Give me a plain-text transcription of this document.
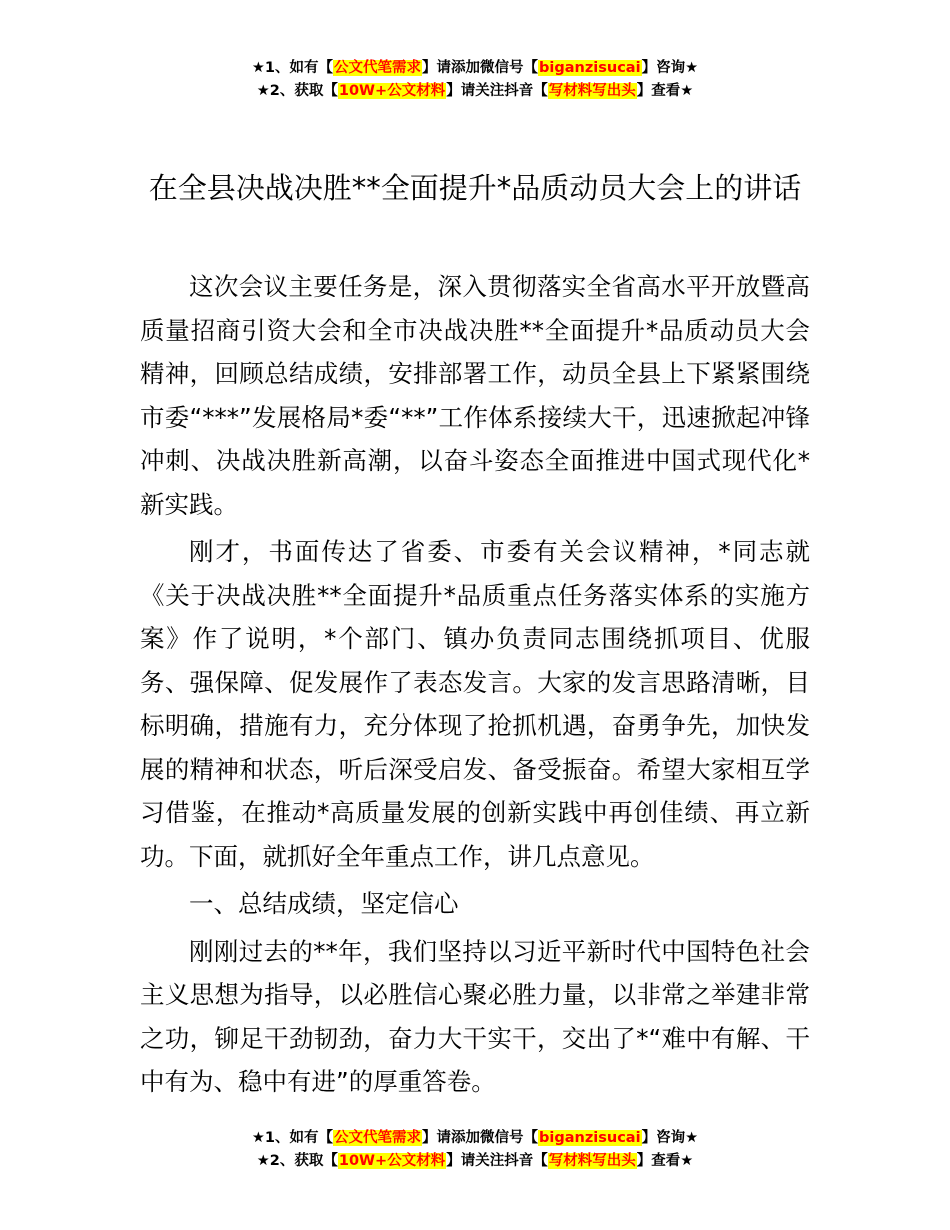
★1、如有【公文代笔需求】请添加微信号【biganzisucai】咨询★
★2、获取【10W+公文材料】请关注抖音【写材料写出头】查看★
在全县决战决胜**全面提升*品质动员大会上的讲话

这次会议主要任务是，深入贯彻落实全省高水平开放暨高质量招商引资大会和全市决战决胜**全面提升*品质动员大会精神，回顾总结成绩，安排部署工作，动员全县上下紧紧围绕市委“***”发展格局*委“**”工作体系接续大干，迅速掀起冲锋冲刺、决战决胜新高潮，以奋斗姿态全面推进中国式现代化*新实践。

刚才，书面传达了省委、市委有关会议精神，*同志就《关于决战决胜**全面提升*品质重点任务落实体系的实施方案》作了说明，*个部门、镇办负责同志围绕抓项目、优服务、强保障、促发展作了表态发言。大家的发言思路清晰，目标明确，措施有力，充分体现了抢抓机遇，奋勇争先，加快发展的精神和状态，听后深受启发、备受振奋。希望大家相互学习借鉴，在推动*高质量发展的创新实践中再创佳绩、再立新功。下面，就抓好全年重点工作，讲几点意见。

一、总结成绩，坚定信心

刚刚过去的**年，我们坚持以习近平新时代中国特色社会主义思想为指导，以必胜信心聚必胜力量，以非常之举建非常之功，铆足干劲韧劲，奋力大干实干，交出了*“难中有解、干中有为、稳中有进”的厚重答卷。

★1、如有【公文代笔需求】请添加微信号【biganzisucai】咨询★
★2、获取【10W+公文材料】请关注抖音【写材料写出头】查看★
